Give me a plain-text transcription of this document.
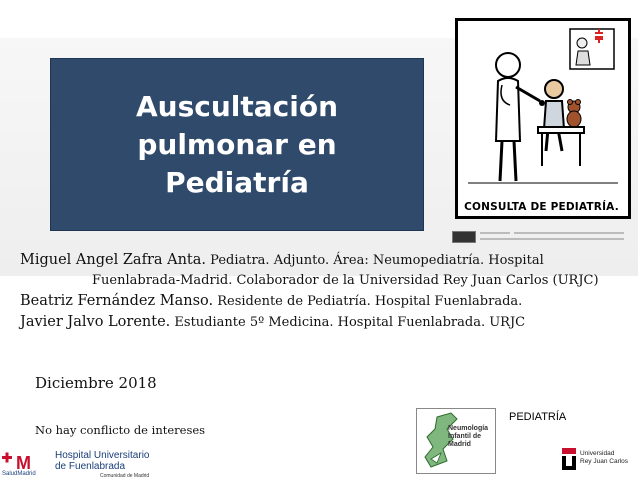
Auscultación
pulmonar en
Pediatría
CONSULTA DE PEDIATRÍA.
Miguel Angel Zafra Anta. Pediatra. Adjunto. Área: Neumopediatría. Hospital
Fuenlabrada-Madrid. Colaborador de la Universidad Rey Juan Carlos (URJC)
Beatriz Fernández Manso. Residente de Pediatría. Hospital Fuenlabrada.
Javier Jalvo Lorente. Estudiante 5º Medicina. Hospital Fuenlabrada. URJC
Diciembre 2018
No hay conflicto de intereses
PEDIATRÍA
Neumología
Infantil de
Madrid
M Hospital Universitario
de Fuenlabrada
SaludMadrid	Comunidad de Madrid
Universidad
Rey Juan Carlos
